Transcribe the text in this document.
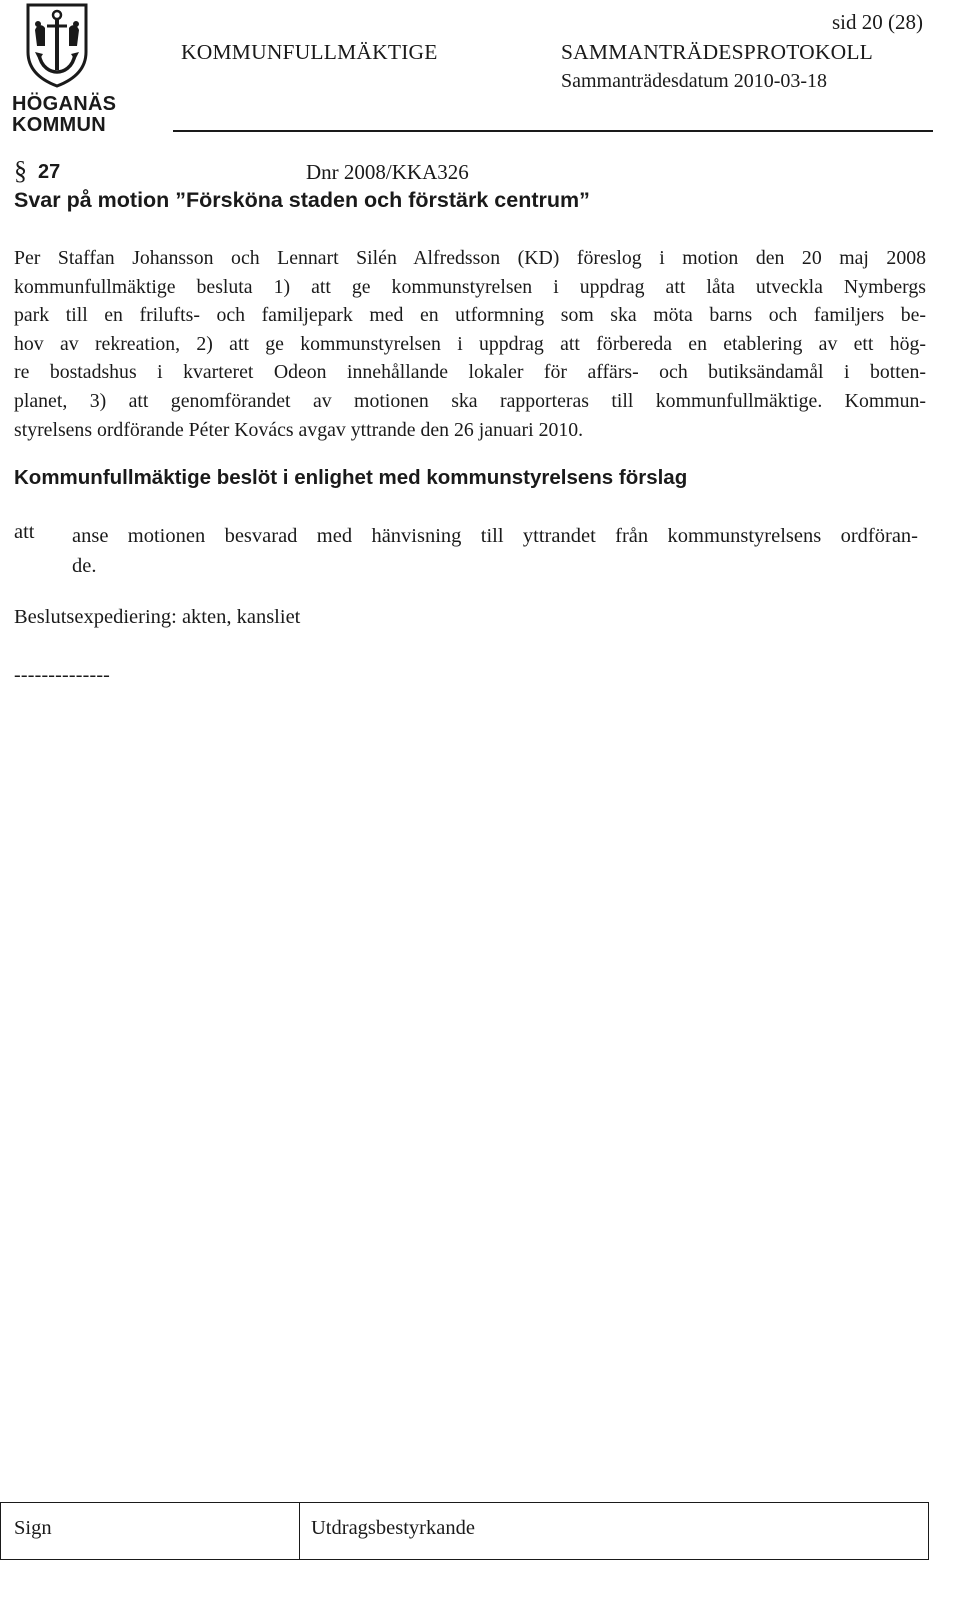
HÖGANÄS
KOMMUN
sid 20 (28)
KOMMUNFULLMÄKTIGE	SAMMANTRÄDESPROTOKOLL
Sammanträdesdatum 2010-03-18
§ 27	Dnr 2008/KKA326
Svar på motion ”Försköna staden och förstärk centrum”
Per Staffan Johansson och Lennart Silén Alfredsson (KD) föreslog i motion den 20 maj 2008
kommunfullmäktige besluta 1) att ge kommunstyrelsen i uppdrag att låta utveckla Nymbergs
park till en frilufts- och familjepark med en utformning som ska möta barns och familjers be-
hov av rekreation, 2) att ge kommunstyrelsen i uppdrag att förbereda en etablering av ett hög-
re bostadshus i kvarteret Odeon innehållande lokaler för affärs- och butiksändamål i botten-
planet, 3) att genomförandet av motionen ska rapporteras till kommunfullmäktige. Kommun-
styrelsens ordförande Péter Kovács avgav yttrande den 26 januari 2010.
Kommunfullmäktige beslöt i enlighet med kommunstyrelsens förslag
att anse motionen besvarad med hänvisning till yttrandet från kommunstyrelsens ordföran-
de.
Beslutsexpediering: akten, kansliet
--------------
Sign	Utdragsbestyrkande
